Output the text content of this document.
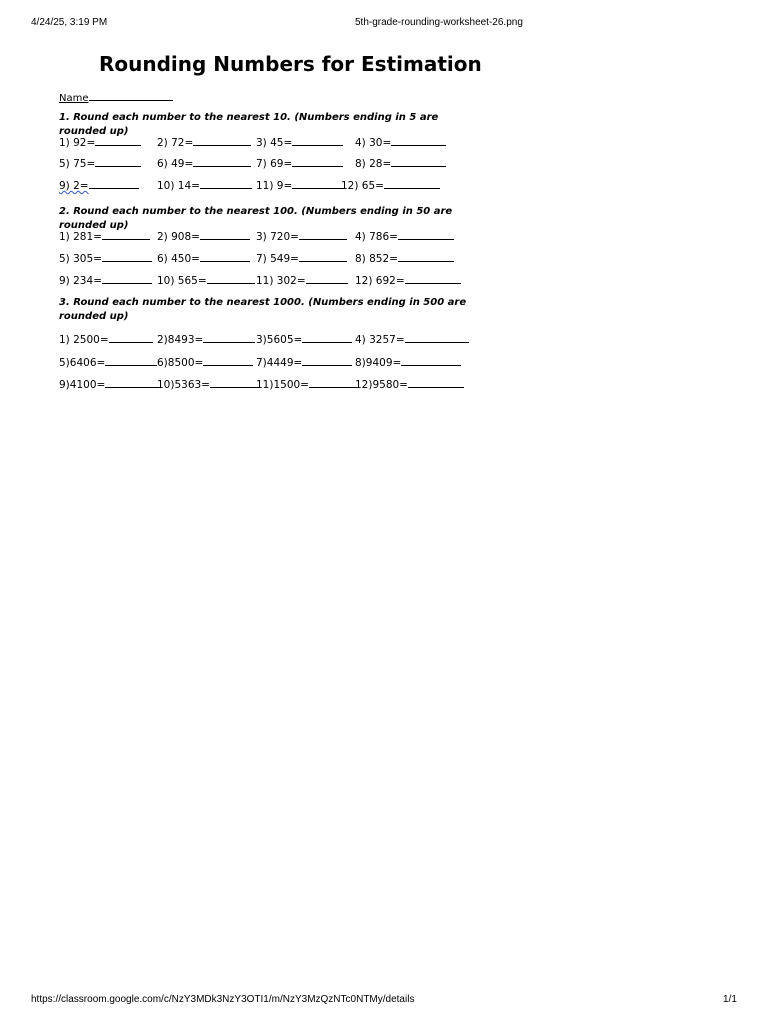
4/24/25, 3:19 PM	5th-grade-rounding-worksheet-26.png
Rounding Numbers for Estimation
Name
1. Round each number to the nearest 10. (Numbers ending in 5 are rounded up)
1) 92=	2) 72=	3) 45=	4) 30=
5) 75=	6) 49=	7) 69=	8) 28=
9) 2=	10) 14=	11) 9=	12) 65=
2. Round each number to the nearest 100. (Numbers ending in 50 are rounded up)
1) 281=	2) 908=	3) 720=	4) 786=
5) 305=	6) 450=	7) 549=	8) 852=
9) 234=	10) 565=	11) 302=	12) 692=
3. Round each number to the nearest 1000. (Numbers ending in 500 are rounded up)
1) 2500=	2)8493=	3)5605=	4) 3257=
5)6406=	6)8500=	7)4449=	8)9409=
9)4100=	10)5363=	11)1500=	12)9580=
https://classroom.google.com/c/NzY3MDk3NzY3OTI1/m/NzY3MzQzNTc0NTMy/details	1/1
